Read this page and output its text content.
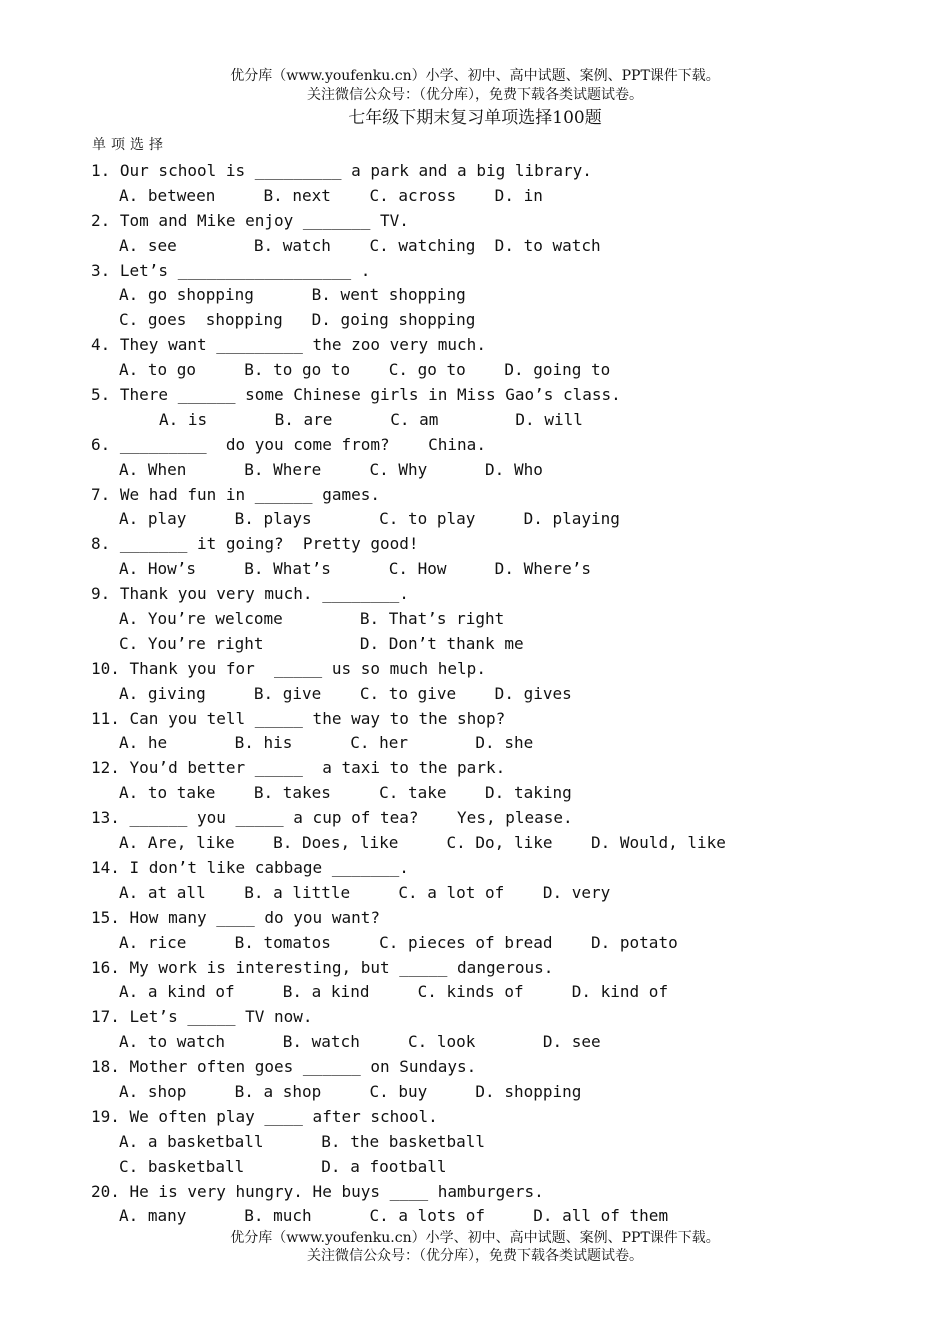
优分库（www.youfenku.cn）小学、初中、高中试题、案例、PPT课件下载。
关注微信公众号：（优分库），免费下载各类试题试卷。
七年级下期末复习单项选择100题
单项选择
1. Our school is _________ a park and a big library.
A. between     B. next    C. across    D. in
2. Tom and Mike enjoy _______ TV.
A. see        B. watch    C. watching  D. to watch
3. Let’s __________________ .
A. go shopping      B. went shopping
C. goes  shopping   D. going shopping
4. They want _________ the zoo very much.
A. to go     B. to go to    C. go to    D. going to
5. There ______ some Chinese girls in Miss Gao’s class.
A. is       B. are      C. am        D. will
6. _________  do you come from?    China.
A. When      B. Where     C. Why      D. Who
7. We had fun in ______ games.
A. play     B. plays       C. to play     D. playing
8. _______ it going?  Pretty good!
A. How’s     B. What’s      C. How     D. Where’s
9. Thank you very much. ________.
A. You’re welcome        B. That’s right
C. You’re right          D. Don’t thank me
10. Thank you for  _____ us so much help.
A. giving     B. give    C. to give    D. gives
11. Can you tell _____ the way to the shop?
A. he       B. his      C. her       D. she
12. You’d better _____  a taxi to the park.
A. to take    B. takes     C. take    D. taking
13. ______ you _____ a cup of tea?    Yes, please.
A. Are, like    B. Does, like     C. Do, like    D. Would, like
14. I don’t like cabbage _______.
A. at all    B. a little     C. a lot of    D. very
15. How many ____ do you want?
A. rice     B. tomatos     C. pieces of bread    D. potato
16. My work is interesting, but _____ dangerous.
A. a kind of     B. a kind     C. kinds of     D. kind of
17. Let’s _____ TV now.
A. to watch      B. watch     C. look       D. see
18. Mother often goes ______ on Sundays.
A. shop     B. a shop     C. buy     D. shopping
19. We often play ____ after school.
A. a basketball      B. the basketball
C. basketball        D. a football
20. He is very hungry. He buys ____ hamburgers.
A. many      B. much      C. a lots of     D. all of them
优分库（www.youfenku.cn）小学、初中、高中试题、案例、PPT课件下载。
关注微信公众号：（优分库），免费下载各类试题试卷。
